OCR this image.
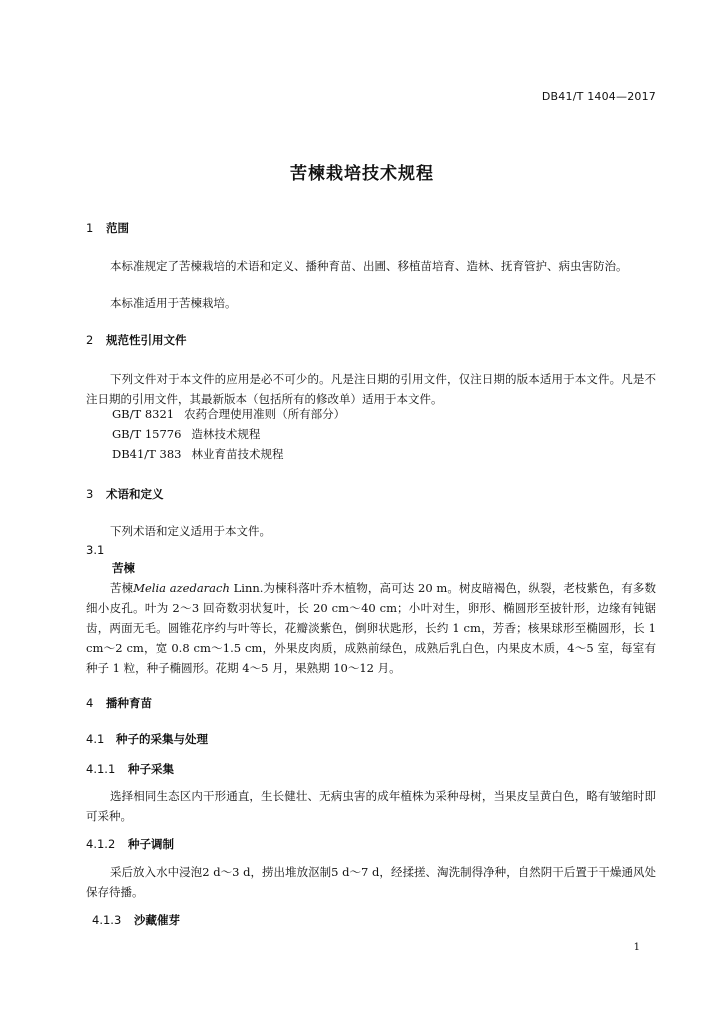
DB41/T 1404—2017
苦楝栽培技术规程
1 范围
本标准规定了苦楝栽培的术语和定义、播种育苗、出圃、移植苗培育、造林、抚育管护、病虫害防治。
本标准适用于苦楝栽培。
2 规范性引用文件
下列文件对于本文件的应用是必不可少的。凡是注日期的引用文件，仅注日期的版本适用于本文件。凡是不注日期的引用文件，其最新版本（包括所有的修改单）适用于本文件。
GB/T 8321 农药合理使用准则（所有部分）
GB/T 15776 造林技术规程
DB41/T 383 林业育苗技术规程
3 术语和定义
下列术语和定义适用于本文件。
3.1
苦楝
苦楝Melia azedarach Linn.为楝科落叶乔木植物，高可达 20 m。树皮暗褐色，纵裂，老枝紫色，有多数细小皮孔。叶为 2～3 回奇数羽状复叶，长 20 cm～40 cm；小叶对生，卵形、椭圆形至披针形，边缘有钝锯齿，两面无毛。圆锥花序约与叶等长，花瓣淡紫色，倒卵状匙形，长约 1 cm，芳香；核果球形至椭圆形，长 1 cm～2 cm，宽 0.8 cm～1.5 cm，外果皮肉质，成熟前绿色，成熟后乳白色，内果皮木质，4～5 室，每室有种子 1 粒，种子椭圆形。花期 4～5 月，果熟期 10～12 月。
4 播种育苗
4.1 种子的采集与处理
4.1.1 种子采集
选择相同生态区内干形通直，生长健壮、无病虫害的成年植株为采种母树，当果皮呈黄白色，略有皱缩时即可采种。
4.1.2 种子调制
采后放入水中浸泡2 d～3 d，捞出堆放沤制5 d～7 d，经揉搓、淘洗制得净种，自然阴干后置于干燥通风处保存待播。
4.1.3 沙藏催芽
1
